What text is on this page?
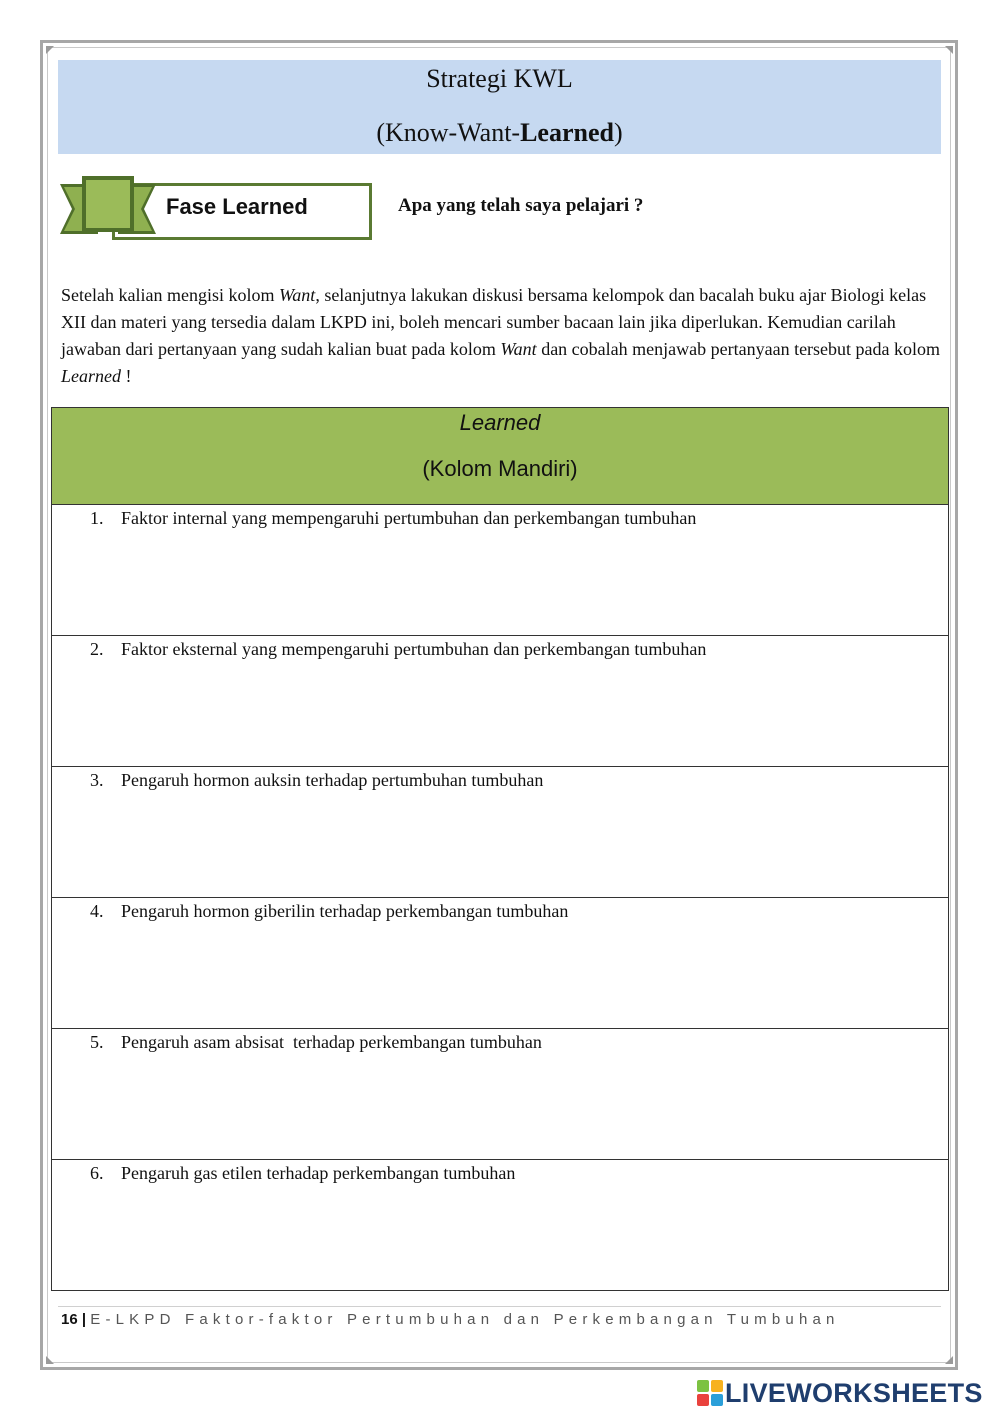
Strategi KWL
(Know-Want-Learned)
Fase Learned	Apa yang telah saya pelajari ?
Setelah kalian mengisi kolom Want, selanjutnya lakukan diskusi bersama kelompok dan bacalah buku ajar Biologi kelas XII dan materi yang tersedia dalam LKPD ini, boleh mencari sumber bacaan lain jika diperlukan. Kemudian carilah jawaban dari pertanyaan yang sudah kalian buat pada kolom Want dan cobalah menjawab pertanyaan tersebut pada kolom Learned !
Learned
(Kolom Mandiri)
1. Faktor internal yang mempengaruhi pertumbuhan dan perkembangan tumbuhan
2. Faktor eksternal yang mempengaruhi pertumbuhan dan perkembangan tumbuhan
3. Pengaruh hormon auksin terhadap pertumbuhan tumbuhan
4. Pengaruh hormon giberilin terhadap perkembangan tumbuhan
5. Pengaruh asam absisat  terhadap perkembangan tumbuhan
6. Pengaruh gas etilen terhadap perkembangan tumbuhan
16 | E-LKPD Faktor-faktor Pertumbuhan dan Perkembangan Tumbuhan
LIVEWORKSHEETS
